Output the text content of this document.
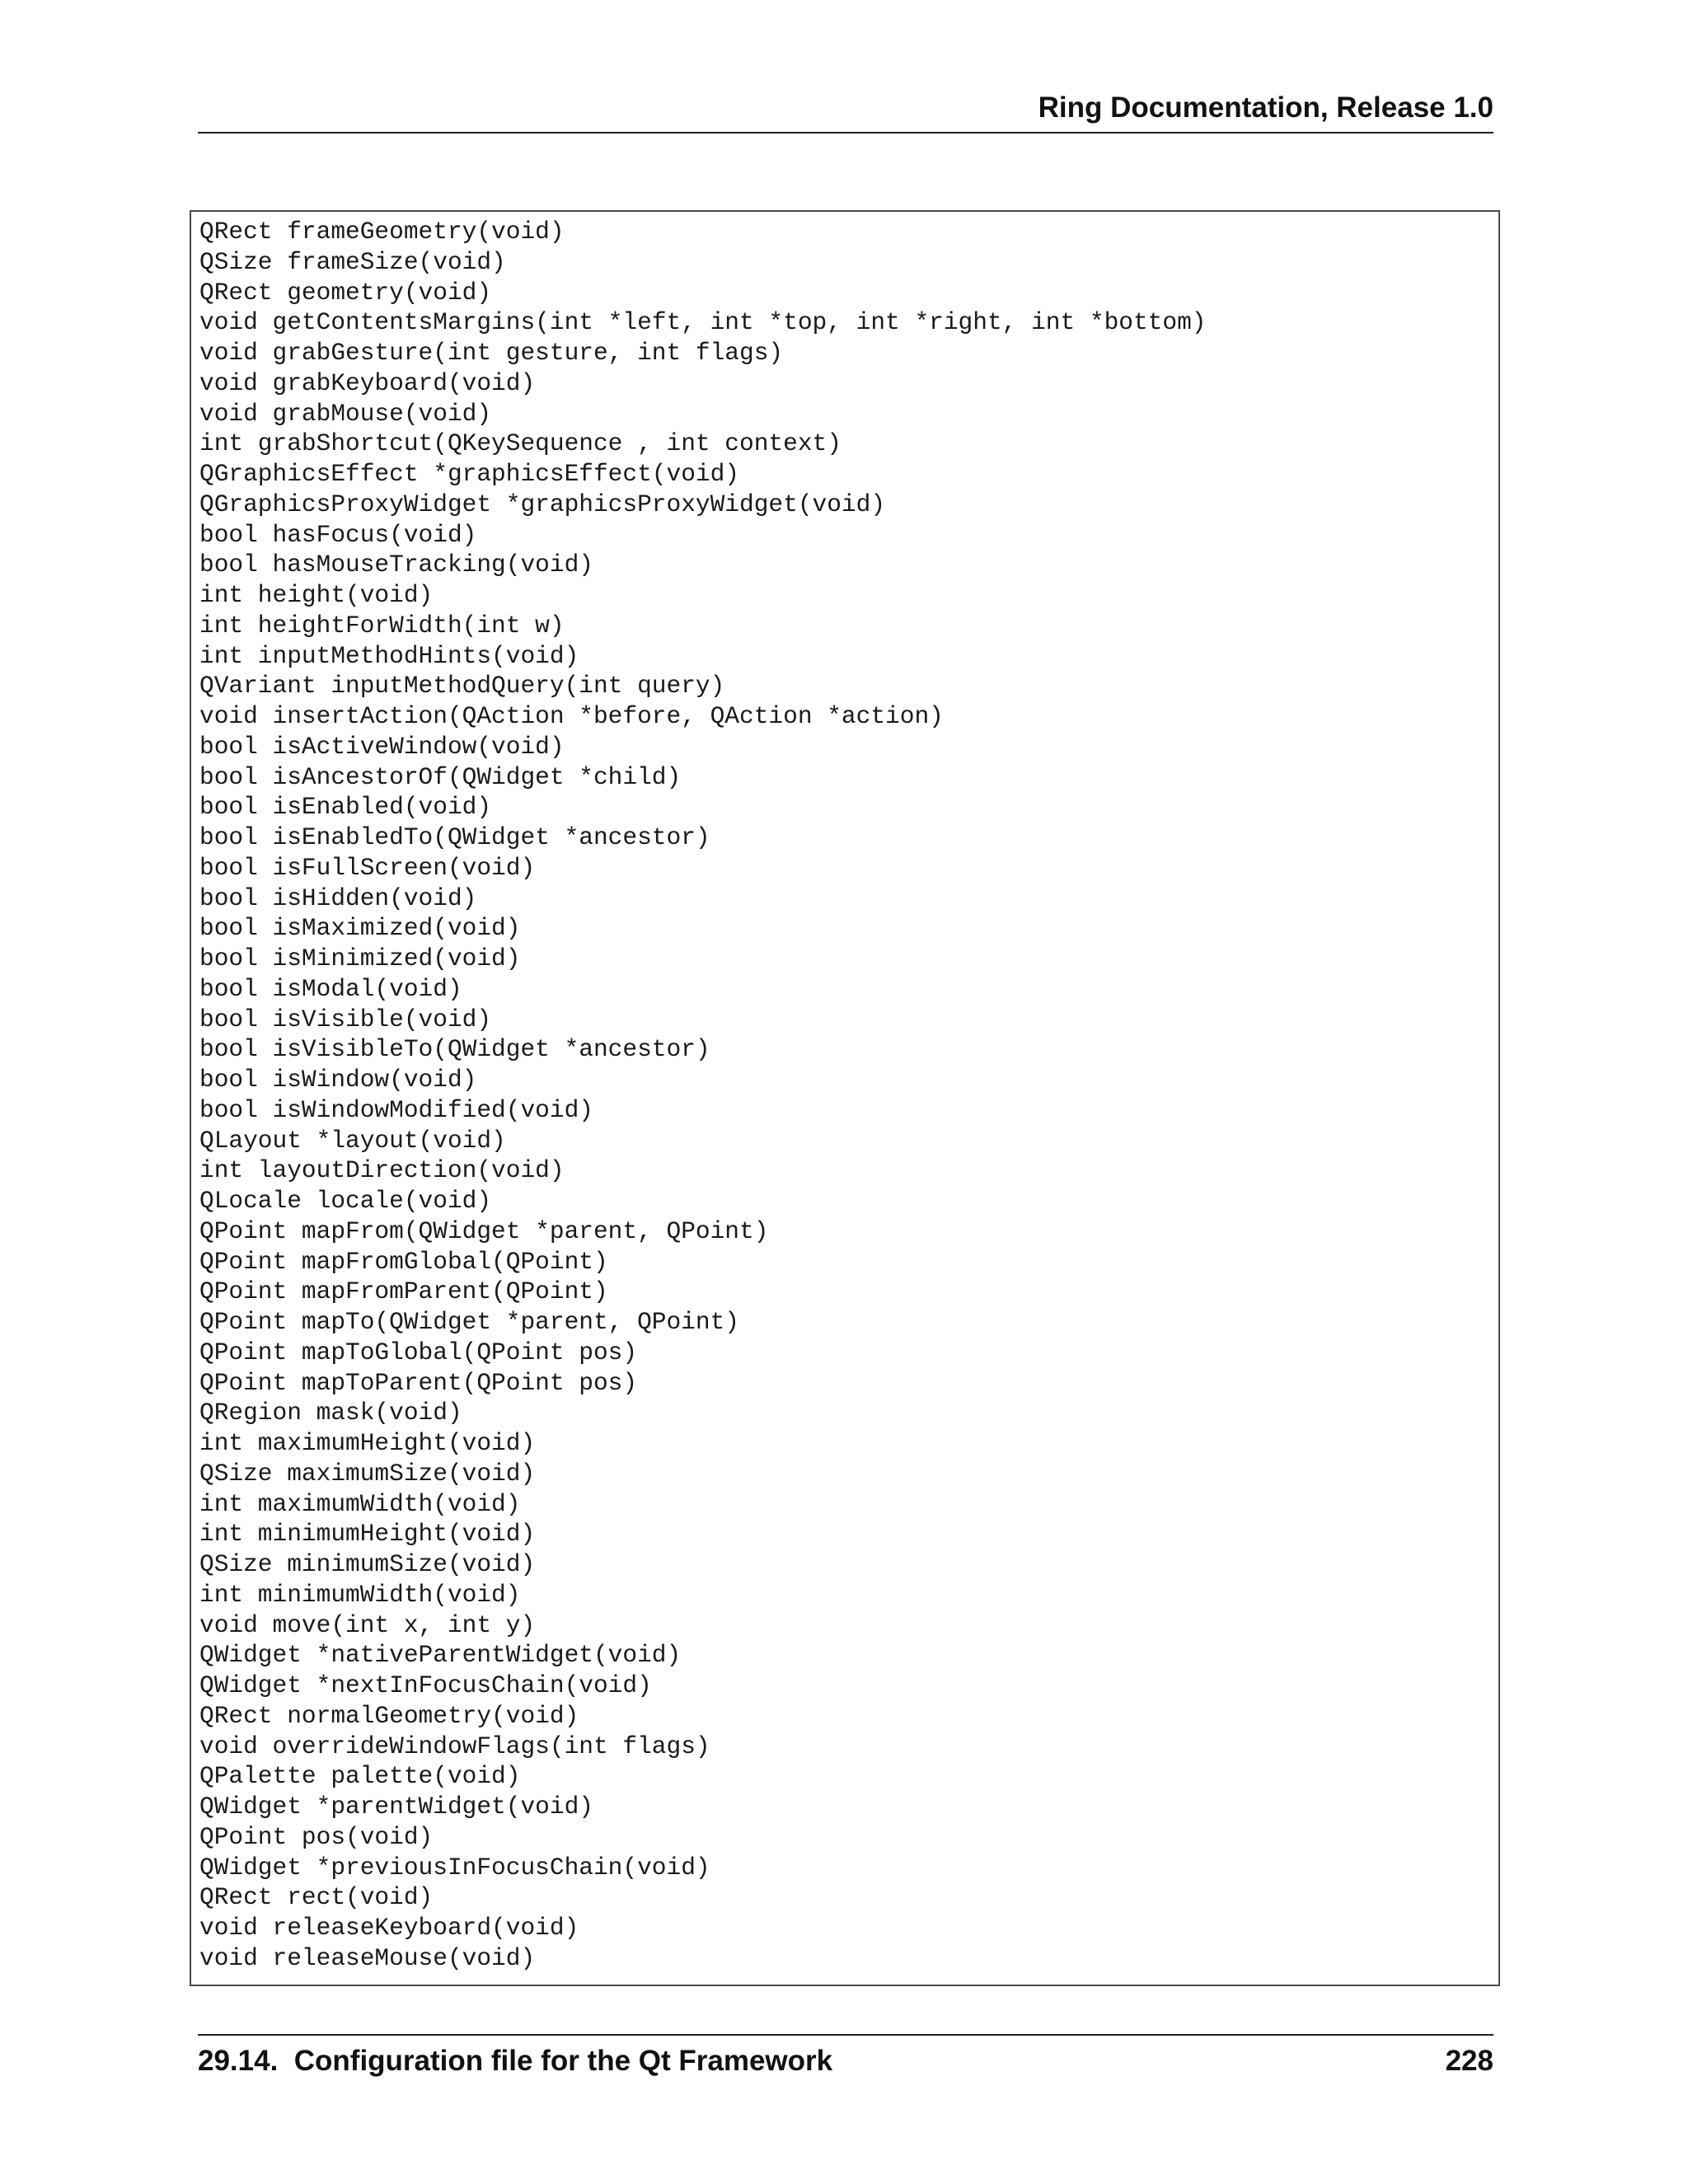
Ring Documentation, Release 1.0
QRect frameGeometry(void)
QSize frameSize(void)
QRect geometry(void)
void getContentsMargins(int *left, int *top, int *right, int *bottom)
void grabGesture(int gesture, int flags)
void grabKeyboard(void)
void grabMouse(void)
int grabShortcut(QKeySequence , int context)
QGraphicsEffect *graphicsEffect(void)
QGraphicsProxyWidget *graphicsProxyWidget(void)
bool hasFocus(void)
bool hasMouseTracking(void)
int height(void)
int heightForWidth(int w)
int inputMethodHints(void)
QVariant inputMethodQuery(int query)
void insertAction(QAction *before, QAction *action)
bool isActiveWindow(void)
bool isAncestorOf(QWidget *child)
bool isEnabled(void)
bool isEnabledTo(QWidget *ancestor)
bool isFullScreen(void)
bool isHidden(void)
bool isMaximized(void)
bool isMinimized(void)
bool isModal(void)
bool isVisible(void)
bool isVisibleTo(QWidget *ancestor)
bool isWindow(void)
bool isWindowModified(void)
QLayout *layout(void)
int layoutDirection(void)
QLocale locale(void)
QPoint mapFrom(QWidget *parent, QPoint)
QPoint mapFromGlobal(QPoint)
QPoint mapFromParent(QPoint)
QPoint mapTo(QWidget *parent, QPoint)
QPoint mapToGlobal(QPoint pos)
QPoint mapToParent(QPoint pos)
QRegion mask(void)
int maximumHeight(void)
QSize maximumSize(void)
int maximumWidth(void)
int minimumHeight(void)
QSize minimumSize(void)
int minimumWidth(void)
void move(int x, int y)
QWidget *nativeParentWidget(void)
QWidget *nextInFocusChain(void)
QRect normalGeometry(void)
void overrideWindowFlags(int flags)
QPalette palette(void)
QWidget *parentWidget(void)
QPoint pos(void)
QWidget *previousInFocusChain(void)
QRect rect(void)
void releaseKeyboard(void)
void releaseMouse(void)
29.14.  Configuration file for the Qt Framework	228
